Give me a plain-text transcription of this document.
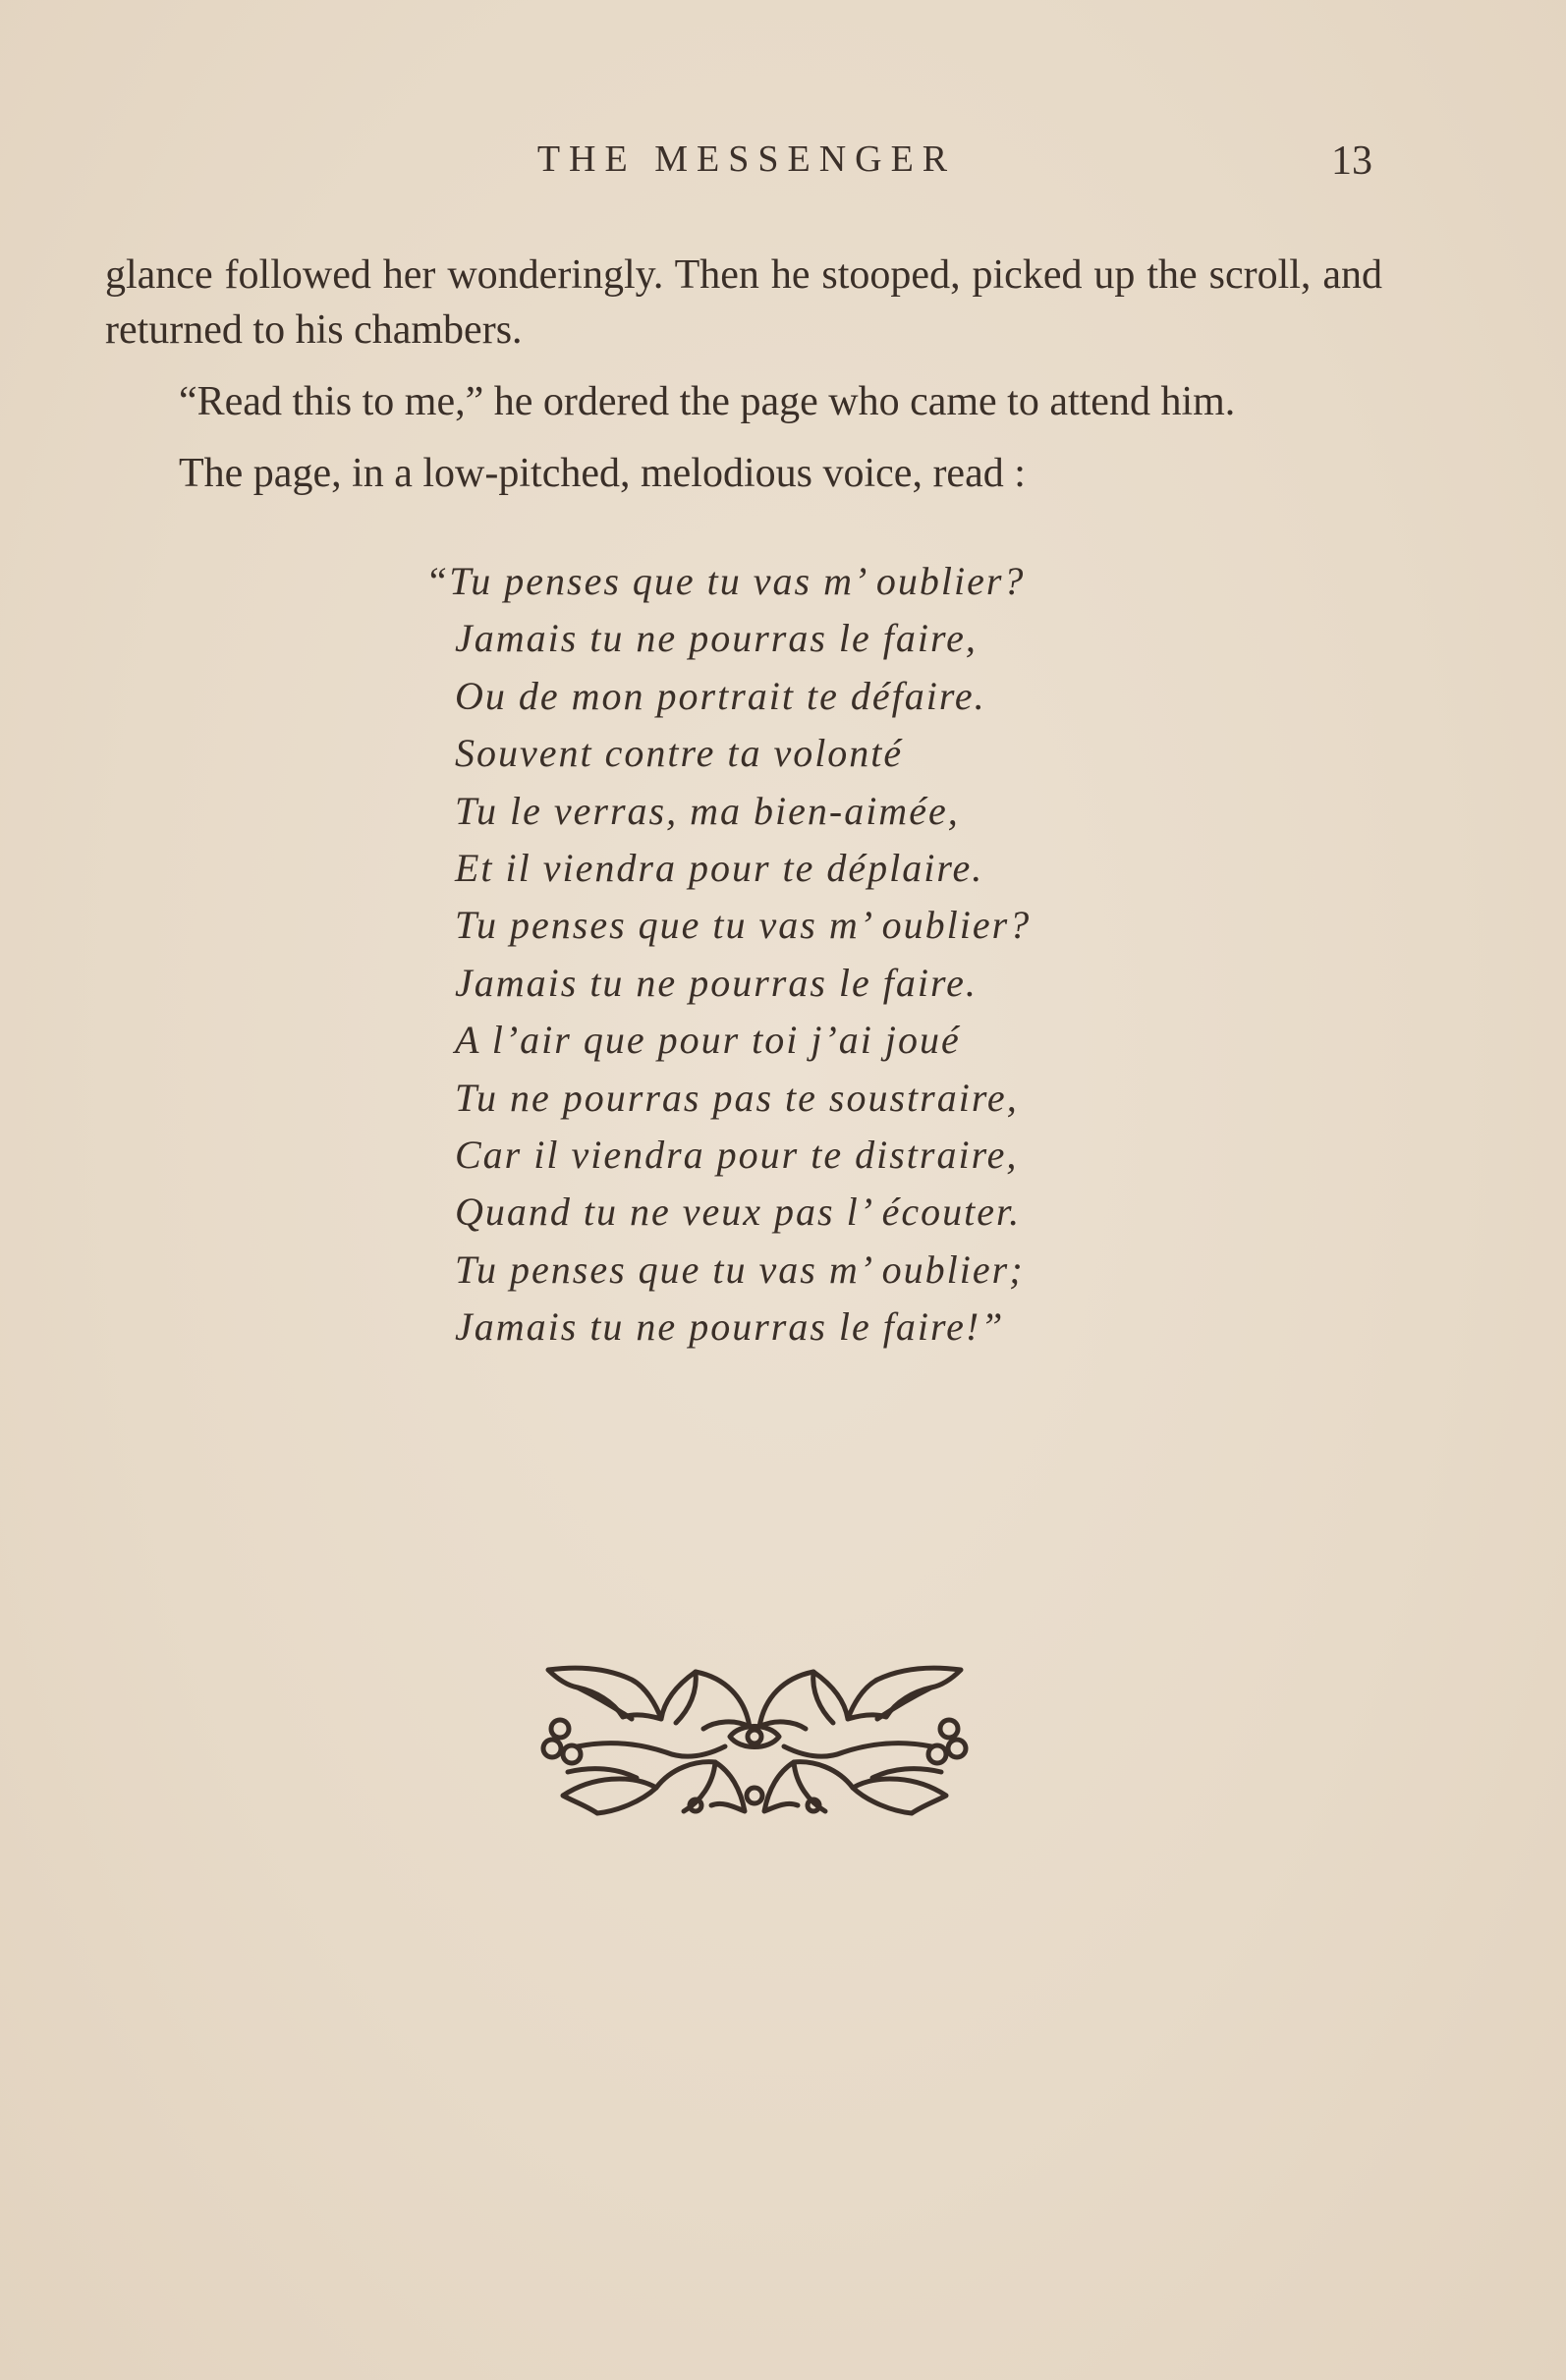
THE MESSENGER	13

glance followed her wonderingly. Then he stooped, picked up the scroll, and returned to his chambers.

“Read this to me,” he ordered the page who came to attend him.

The page, in a low-pitched, melodious voice, read :

“Tu penses que tu vas m’ oublier?
Jamais tu ne pourras le faire,
Ou de mon portrait te défaire.
Souvent contre ta volonté
Tu le verras, ma bien-aimée,
Et il viendra pour te déplaire.
Tu penses que tu vas m’ oublier?
Jamais tu ne pourras le faire.
A l’air que pour toi j’ai joué
Tu ne pourras pas te soustraire,
Car il viendra pour te distraire,
Quand tu ne veux pas l’ écouter.
Tu penses que tu vas m’ oublier;
Jamais tu ne pourras le faire!”
